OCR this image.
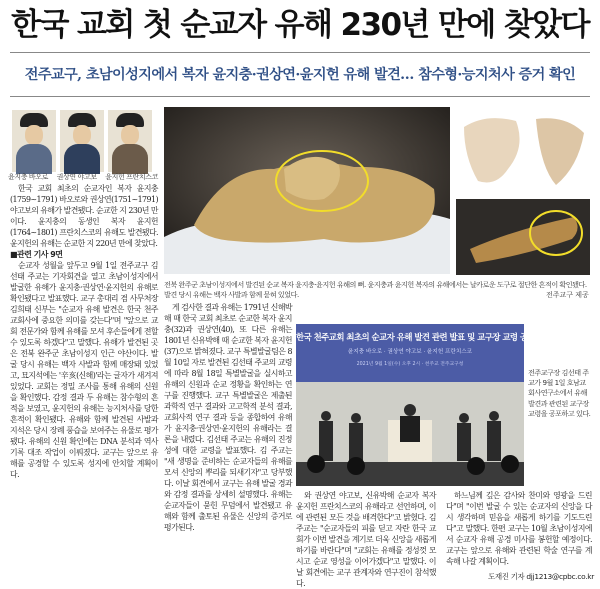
한국 교회 첫 순교자 유해 230년 만에 찾았다
전주교구, 초남이성지에서 복자 윤지충·권상연·윤지헌 유해 발견… 참수형·능지처사 증거 확인
윤지충 바오로 권상연 야고보 윤지헌 프란치스코

한국 교회 최초의 순교자인 복자 윤지충(1759~1791) 바오로와 권상연(1751~1791) 야고보의 유해가 발견됐다. 순교한 지 230년 만이다. 윤지충의 동생인 복자 윤지헌(1764~1801) 프란치스코의 유해도 발견됐다. 윤지헌의 유해는 순교한 지 220년 만에 찾았다.

■관련 기사 9면

순교자 성월을 앞두고 9월 1일 전주교구 김선태 주교는 기자회견을 열고 초남이성지에서 발굴한 유해가 윤지충·권상연·윤지헌의 유해로 확인됐다고 발표했다. 교구 총대리 겸 사무처장 김희태 신부는 "순교자 유해 발견은 한국 천주교회사에 중요한 의미를 갖는다"며 "앞으로 교회 전문가와 함께 유해를 모셔 후손들에게 전할 수 있도록 하겠다"고 말했다. 유해가 발견된 곳은 전북 완주군 초남이성지 인근 야산이다. 발굴 당시 유해는 백자 사발과 함께 매장돼 있었고, 묘지석에는 '辛亥(신해)'라는 글자가 새겨져 있었다. 교회는 정밀 조사를 통해 유해의 신원을 확인했다. 감정 결과 두 유해는 참수형의 흔적을 보였고, 윤지헌의 유해는 능지처사를 당한 흔적이 확인됐다. 유해와 함께 발견된 사발과 지석은 당시 장례 풍습을 보여주는 유물로 평가됐다. 유해의 신원 확인에는 DNA 분석과 역사 기록 대조 작업이 이뤄졌다. 교구는 앞으로 유해를 공경할 수 있도록 성지에 안치할 계획이다.

전북 완주군 초남이성지에서 발견된 순교 복자 윤지충·윤지헌 유해의 뼈. 윤지충과 윤지헌 복자의 유해에서는 날카로운 도구로 절단한 흔적이 확인됐다. 발견 당시 유해는 백자 사발과 함께 묻혀 있었다.	전주교구 제공

게 검사한 결과 유해는 1791년 신해박해 때 한국 교회 최초로 순교한 복자 윤지충(32)과 권상연(40), 또 다른 유해는 1801년 신유박해 때 순교한 복자 윤지헌(37)으로 밝혀졌다. 교구 특별발굴팀은 8월 10일 자로 발견된 김선태 주교의 교령에 따라 8월 18일 특별발굴을 실시하고 유해의 신원과 순교 정황을 확인하는 연구를 진행했다. 교구 특별발굴은 제출된 과학적 연구 결과와 고고학적 분석 결과, 교회사적 연구 결과 등을 종합하여 유해가 윤지충·권상연·윤지헌의 유해라는 결론을 내렸다. 김선태 주교는 유해의 진정성에 대한 교령을 발표했다. 김 주교는 "새 생명을 준비하는 순교자들의 유해를 모셔 신앙의 뿌리를 되새기자"고 당부했다. 이날 회견에서 교구는 유해 발굴 경과와 감정 결과를 상세히 설명했다. 유해는 순교자들이 묻힌 무덤에서 발견됐고 유해와 함께 출토된 유물은 신앙의 증거로 평가된다.

한국 천주교회 최초의 순교자 유해 발견 관련 발표 및 교구장 교령 공포
윤지충 바오로 · 권상연 야고보 · 윤지헌 프란치스코
2021년 9월 1일(수) 오후 2시 · 천주교 전주교구청
전주교구장 김선태 주교가 9월 1일 호남교회사연구소에서 유해 발견과 관련된 교구장 교령을 공포하고 있다.

와 권상연 야고보, 신유박해 순교자 복자 윤지헌 프란치스코의 유해라고 선언하며, 이에 관련된 모든 것을 배격한다"고 밝혔다. 김 주교는 "순교자들의 피를 딛고 자란 한국 교회가 이번 발견을 계기로 더욱 신앙을 새롭게 하기를 바란다"며 "교회는 유해를 정성껏 모시고 순교 영성을 이어가겠다"고 말했다. 이날 회견에는 교구 관계자와 연구진이 참석했다.

하느님께 깊은 감사와 찬미와 영광을 드린다"며 "이번 발굴 수 있는 순교자의 신앙을 다시 생각하며 믿음을 새롭게 하기를 기도드린다"고 말했다. 한편 교구는 10월 초남이성지에서 순교자 유해 공경 미사를 봉헌할 예정이다. 교구는 앞으로 유해와 관련된 학술 연구를 계속해 나갈 계획이다.

도재진 기자 djj1213@cpbc.co.kr
